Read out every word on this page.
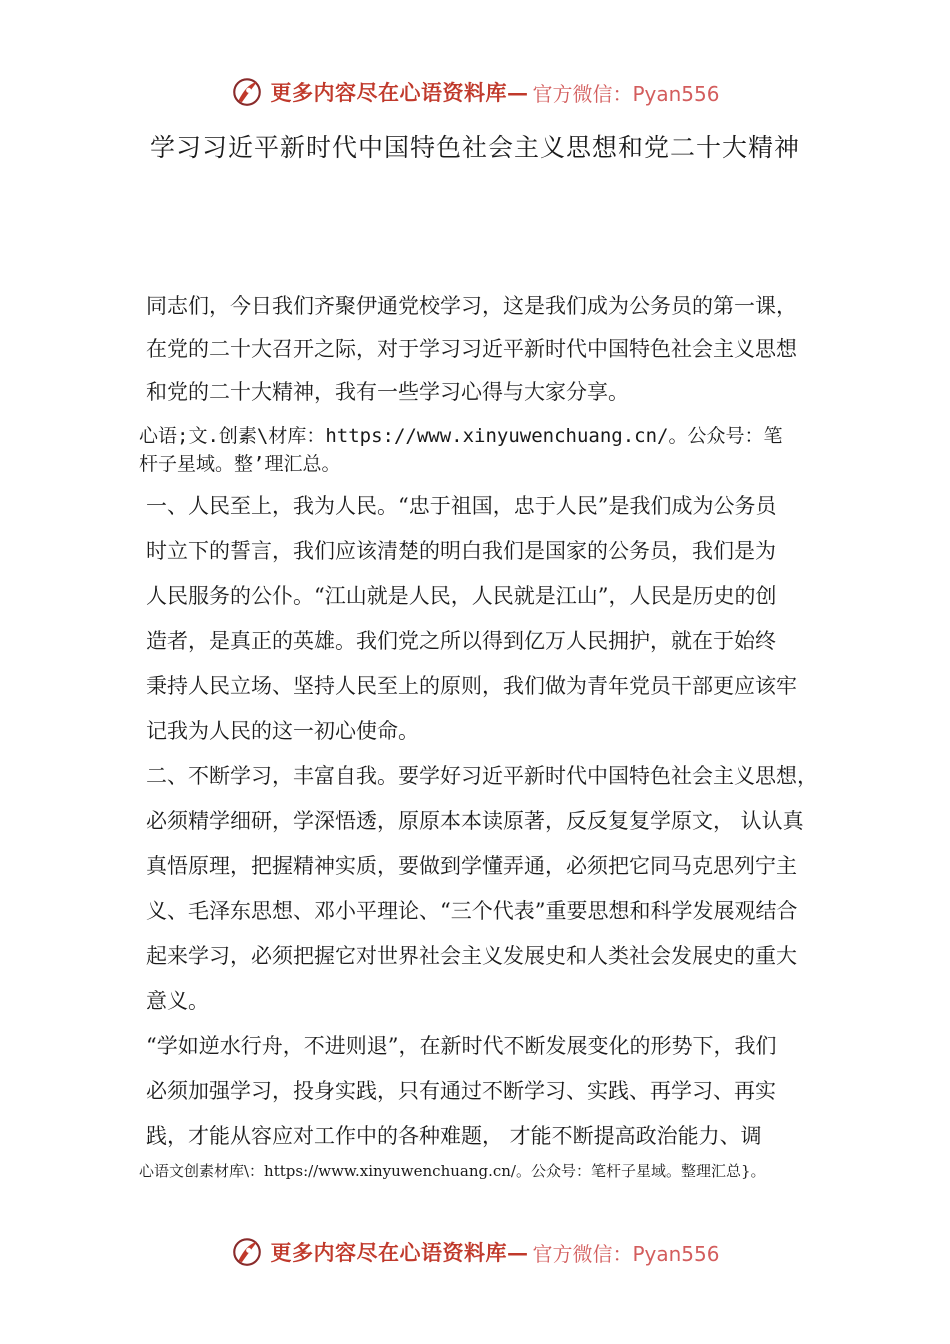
更多内容尽在心语资料库— 官方微信：Pyan556
学习习近平新时代中国特色社会主义思想和党二十大精神
同志们，今日我们齐聚伊通党校学习，这是我们成为公务员的第一课，
在党的二十大召开之际，对于学习习近平新时代中国特色社会主义思想
和党的二十大精神，我有一些学习心得与大家分享。
心语;文.创素\材库：https://www.xinyuwenchuang.cn/。公众号：笔
杆子星域。整’理汇总。
一、人民至上，我为人民。“忠于祖国，忠于人民”是我们成为公务员
时立下的誓言，我们应该清楚的明白我们是国家的公务员，我们是为
人民服务的公仆。“江山就是人民，人民就是江山”，人民是历史的创
造者，是真正的英雄。我们党之所以得到亿万人民拥护，就在于始终
秉持人民立场、坚持人民至上的原则，我们做为青年党员干部更应该牢
记我为人民的这一初心使命。
二、不断学习，丰富自我。要学好习近平新时代中国特色社会主义思想，
必须精学细研，学深悟透，原原本本读原著，反反复复学原文， 认认真
真悟原理，把握精神实质，要做到学懂弄通，必须把它同马克思列宁主
义、毛泽东思想、邓小平理论、“三个代表”重要思想和科学发展观结合
起来学习，必须把握它对世界社会主义发展史和人类社会发展史的重大
意义。
“学如逆水行舟，不进则退”，在新时代不断发展变化的形势下，我们
必须加强学习，投身实践，只有通过不断学习、实践、再学习、再实
践，才能从容应对工作中的各种难题， 才能不断提高政治能力、调
心语文创素材库\：https://www.xinyuwenchuang.cn/。公众号：笔杆子星域。整理汇总}。
更多内容尽在心语资料库— 官方微信：Pyan556
